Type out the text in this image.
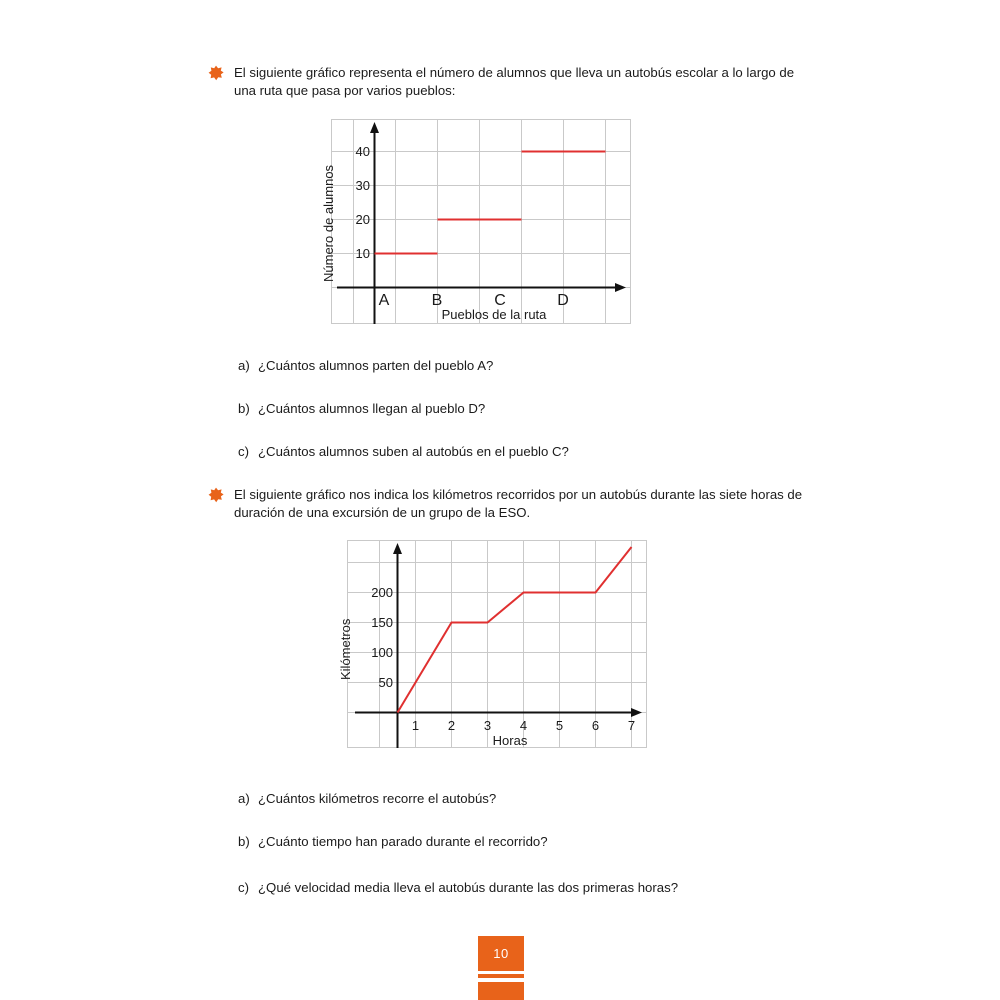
El siguiente gráfico representa el número de alumnos que lleva un autobús escolar a lo largo de una ruta que pasa por varios pueblos:
40
30
20
10
A	B	C	D
Pueblos de la ruta
Número de alumnos
a) ¿Cuántos alumnos parten del pueblo A?
b) ¿Cuántos alumnos llegan al pueblo D?
c) ¿Cuántos alumnos suben al autobús en el pueblo C?
El siguiente gráfico nos indica los kilómetros recorridos por un autobús durante las siete horas de duración de una excursión de un grupo de la ESO.
200
150
100
50
1 2 3 4 5 6 7
Horas
Kilómetros
a) ¿Cuántos kilómetros recorre el autobús?
b) ¿Cuánto tiempo han parado durante el recorrido?
c) ¿Qué velocidad media lleva el autobús durante las dos primeras horas?
10
